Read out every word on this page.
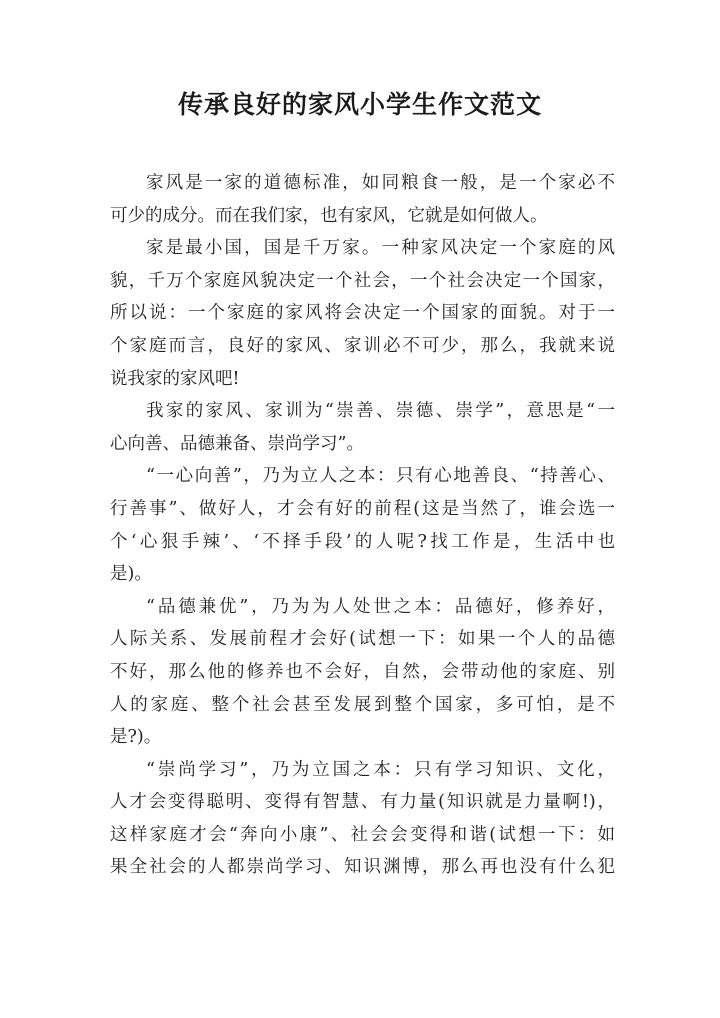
传承良好的家风小学生作文范文
家风是一家的道德标准，如同粮食一般，是一个家必不
可少的成分。而在我们家，也有家风，它就是如何做人。
家是最小国，国是千万家。一种家风决定一个家庭的风
貌，千万个家庭风貌决定一个社会，一个社会决定一个国家，
所以说：一个家庭的家风将会决定一个国家的面貌。对于一
个家庭而言，良好的家风、家训必不可少，那么，我就来说
说我家的家风吧!
我家的家风、家训为“崇善、崇德、崇学”，意思是“一
心向善、品德兼备、崇尚学习”。
“一心向善”，乃为立人之本：只有心地善良、“持善心、
行善事”、做好人，才会有好的前程(这是当然了，谁会选一
个‘心狠手辣’、‘不择手段’的人呢?找工作是，生活中也
是)。
“品德兼优”，乃为为人处世之本：品德好，修养好，
人际关系、发展前程才会好(试想一下：如果一个人的品德
不好，那么他的修养也不会好，自然，会带动他的家庭、别
人的家庭、整个社会甚至发展到整个国家，多可怕，是不
是?)。
“崇尚学习”，乃为立国之本：只有学习知识、文化，
人才会变得聪明、变得有智慧、有力量(知识就是力量啊!)，
这样家庭才会“奔向小康”、社会会变得和谐(试想一下：如
果全社会的人都崇尚学习、知识渊博，那么再也没有什么犯
